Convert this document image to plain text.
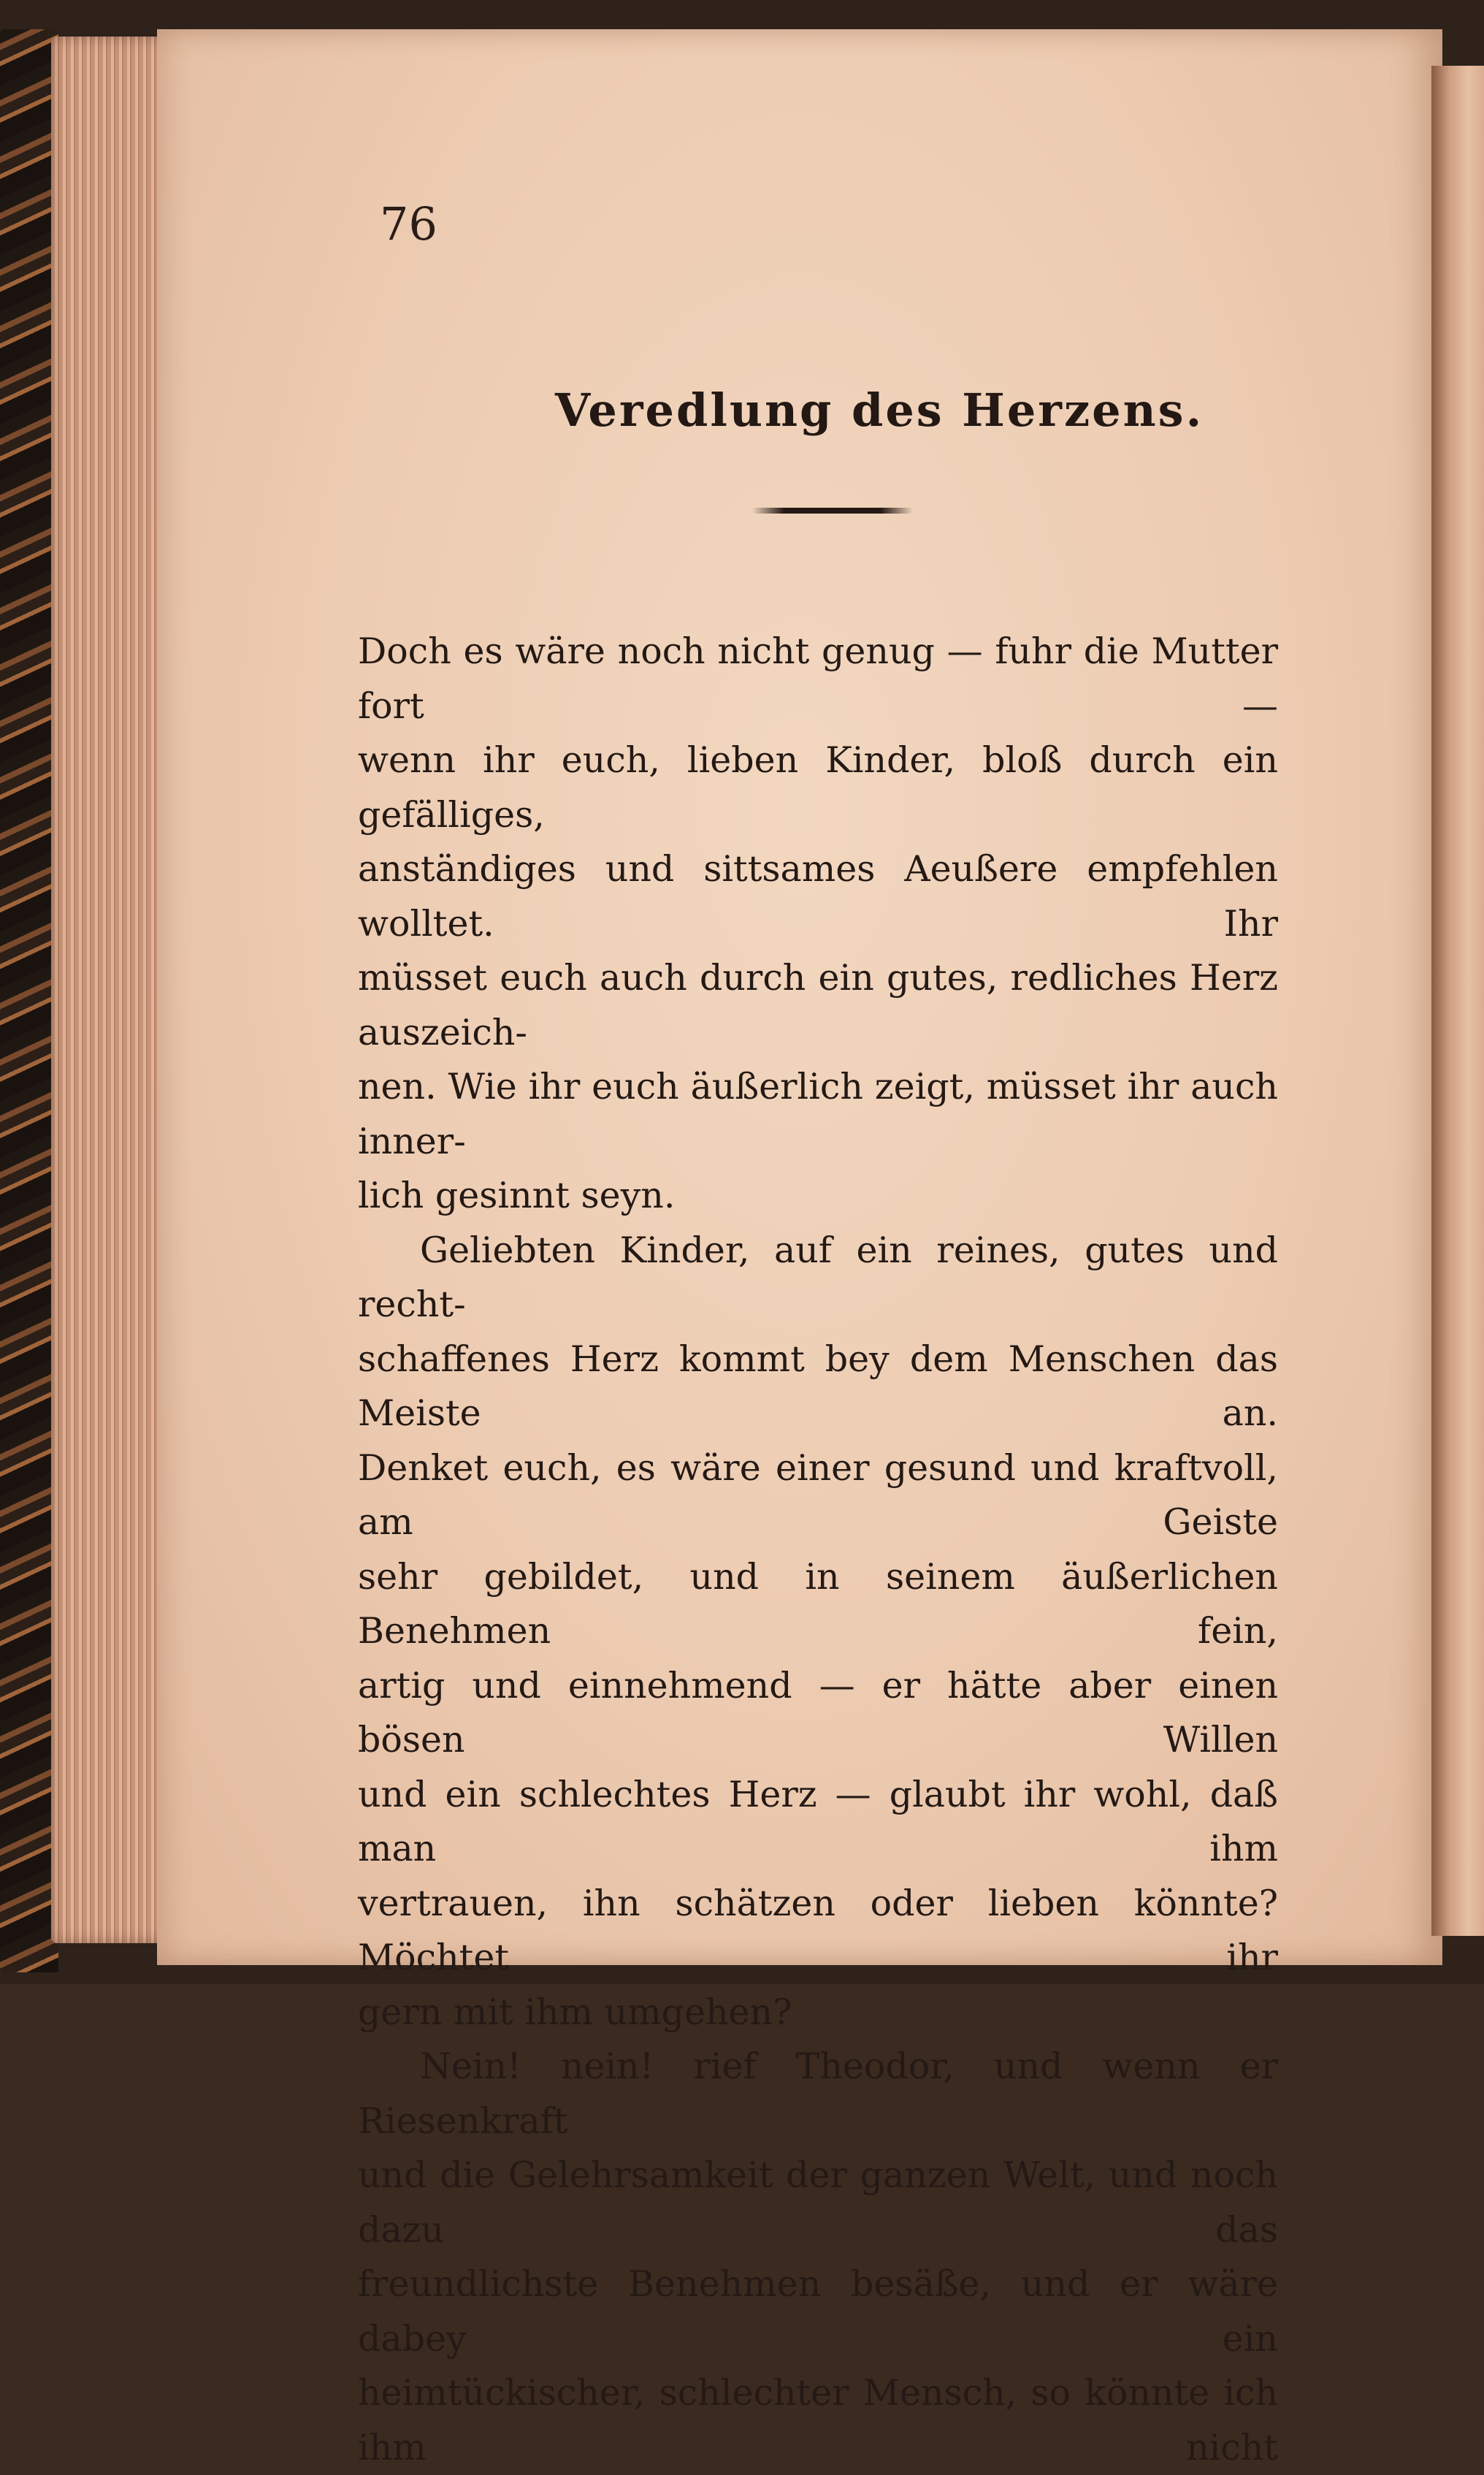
76
Veredlung des Herzens.

Doch es wäre noch nicht genug — fuhr die Mutter fort —

wenn ihr euch, lieben Kinder, bloß durch ein gefälliges,

anständiges und sittsames Aeußere empfehlen wolltet. Ihr

müsset euch auch durch ein gutes, redliches Herz auszeich-

nen. Wie ihr euch äußerlich zeigt, müsset ihr auch inner-

lich gesinnt seyn.

Geliebten Kinder, auf ein reines, gutes und recht-

schaffenes Herz kommt bey dem Menschen das Meiste an.

Denket euch, es wäre einer gesund und kraftvoll, am Geiste

sehr gebildet, und in seinem äußerlichen Benehmen fein,

artig und einnehmend — er hätte aber einen bösen Willen

und ein schlechtes Herz — glaubt ihr wohl, daß man ihm

vertrauen, ihn schätzen oder lieben könnte? Möchtet ihr

gern mit ihm umgehen?

Nein! nein! rief Theodor, und wenn er Riesenkraft

und die Gelehrsamkeit der ganzen Welt, und noch dazu das

freundlichste Benehmen besäße, und er wäre dabey ein

heimtückischer, schlechter Mensch, so könnte ich ihm nicht
